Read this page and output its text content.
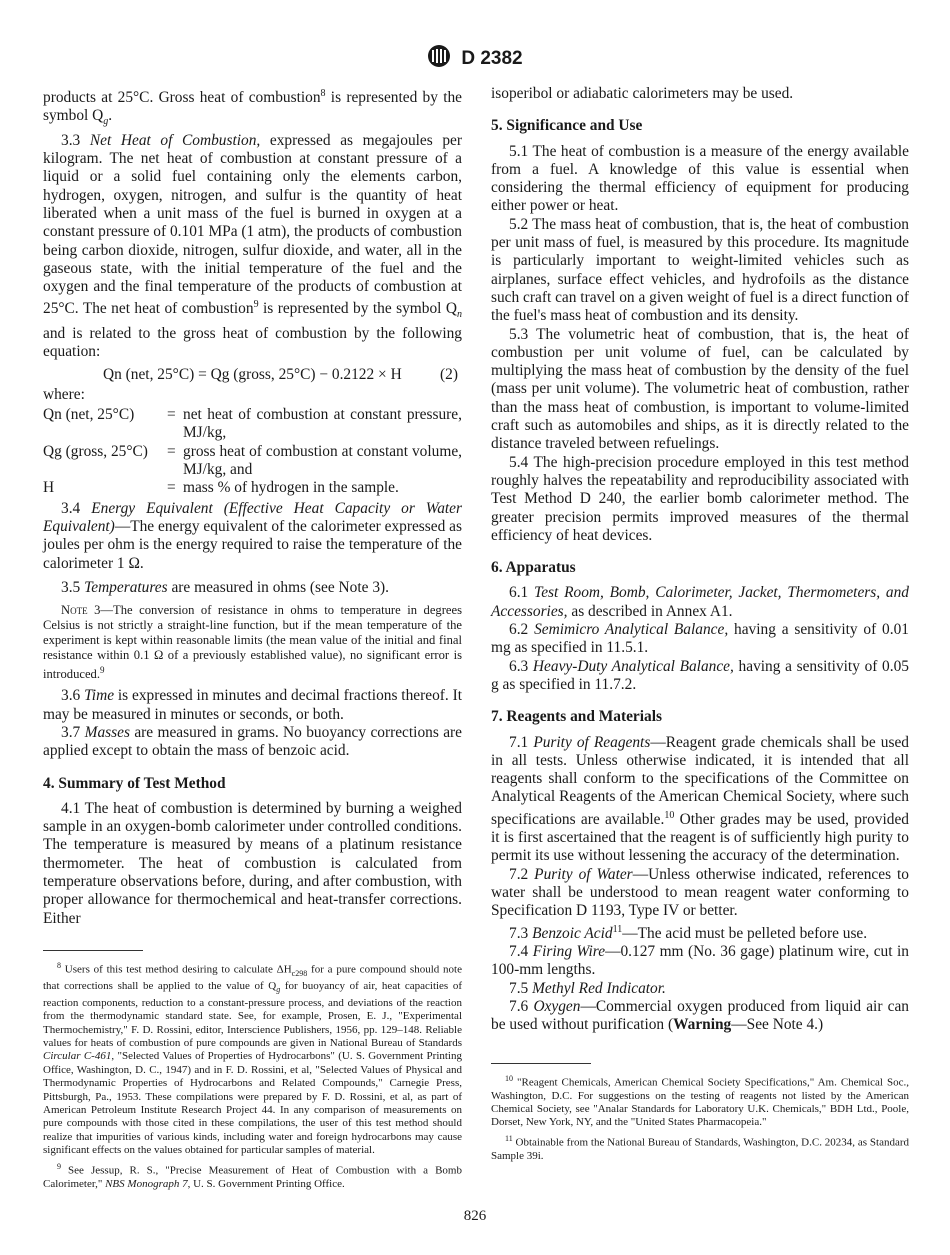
D 2382

products at 25°C. Gross heat of combustion$^8$ is represented by the symbol $Q_g$.

3.3 Net Heat of Combustion, expressed as megajoules per kilogram. The net heat of combustion at constant pressure of a liquid or a solid fuel containing only the elements carbon, hydrogen, oxygen, nitrogen, and sulfur is the quantity of heat liberated when a unit mass of the fuel is burned in oxygen at a constant pressure of 0.101 MPa (1 atm), the products of combustion being carbon dioxide, nitrogen, sulfur dioxide, and water, all in the gaseous state, with the initial temperature of the fuel and the oxygen and the final temperature of the products of combustion at 25°C. The net heat of combustion$^9$ is represented by the symbol $Q_n$ and is related to the gross heat of combustion by the following equation:

Qn (net, 25°C) = Qg (gross, 25°C) − 0.2122 × H (2)

where:

Qn (net, 25°C)	= net heat of combustion at constant pressure, MJ/kg,
Qg (gross, 25°C)	= gross heat of combustion at constant volume, MJ/kg, and
H	= mass % of hydrogen in the sample.

3.4 Energy Equivalent (Effective Heat Capacity or Water Equivalent)—The energy equivalent of the calorimeter expressed as joules per ohm is the energy required to raise the temperature of the calorimeter 1 Ω.

3.5 Temperatures are measured in ohms (see Note 3).

Note 3—The conversion of resistance in ohms to temperature in degrees Celsius is not strictly a straight-line function, but if the mean temperature of the experiment is kept within reasonable limits (the mean value of the initial and final resistance within 0.1 Ω of a previously established value), no significant error is introduced.$^9$

3.6 Time is expressed in minutes and decimal fractions thereof. It may be measured in minutes or seconds, or both.

3.7 Masses are measured in grams. No buoyancy corrections are applied except to obtain the mass of benzoic acid.

4. Summary of Test Method

4.1 The heat of combustion is determined by burning a weighed sample in an oxygen-bomb calorimeter under controlled conditions. The temperature is measured by means of a platinum resistance thermometer. The heat of combustion is calculated from temperature observations before, during, and after combustion, with proper allowance for thermochemical and heat-transfer corrections. Either

$^8$ Users of this test method desiring to calculate $\Delta H_{c298}$ for a pure compound should note that corrections shall be applied to the value of $Q_g$ for buoyancy of air, heat capacities of reaction components, reduction to a constant-pressure process, and deviations of the reaction from the thermodynamic standard state. See, for example, Prosen, E. J., "Experimental Thermochemistry," F. D. Rossini, editor, Interscience Publishers, 1956, pp. 129–148. Reliable values for heats of combustion of pure compounds are given in National Bureau of Standards Circular C-461, "Selected Values of Properties of Hydrocarbons" (U. S. Government Printing Office, Washington, D. C., 1947) and in F. D. Rossini, et al, "Selected Values of Physical and Thermodynamic Properties of Hydrocarbons and Related Compounds," Carnegie Press, Pittsburgh, Pa., 1953. These compilations were prepared by F. D. Rossini, et al, as part of American Petroleum Institute Research Project 44. In any comparison of measurements on pure compounds with those cited in these compilations, the user of this test method should realize that impurities of various kinds, including water and foreign hydrocarbons may cause significant effects on the values obtained for particular samples of material.

$^9$ See Jessup, R. S., "Precise Measurement of Heat of Combustion with a Bomb Calorimeter," NBS Monograph 7, U. S. Government Printing Office.

isoperibol or adiabatic calorimeters may be used.

5. Significance and Use

5.1 The heat of combustion is a measure of the energy available from a fuel. A knowledge of this value is essential when considering the thermal efficiency of equipment for producing either power or heat.

5.2 The mass heat of combustion, that is, the heat of combustion per unit mass of fuel, is measured by this procedure. Its magnitude is particularly important to weight-limited vehicles such as airplanes, surface effect vehicles, and hydrofoils as the distance such craft can travel on a given weight of fuel is a direct function of the fuel's mass heat of combustion and its density.

5.3 The volumetric heat of combustion, that is, the heat of combustion per unit volume of fuel, can be calculated by multiplying the mass heat of combustion by the density of the fuel (mass per unit volume). The volumetric heat of combustion, rather than the mass heat of combustion, is important to volume-limited craft such as automobiles and ships, as it is directly related to the distance traveled between refuelings.

5.4 The high-precision procedure employed in this test method roughly halves the repeatability and reproducibility associated with Test Method D 240, the earlier bomb calorimeter method. The greater precision permits improved measures of the thermal efficiency of heat devices.

6. Apparatus

6.1 Test Room, Bomb, Calorimeter, Jacket, Thermometers, and Accessories, as described in Annex A1.

6.2 Semimicro Analytical Balance, having a sensitivity of 0.01 mg as specified in 11.5.1.

6.3 Heavy-Duty Analytical Balance, having a sensitivity of 0.05 g as specified in 11.7.2.

7. Reagents and Materials

7.1 Purity of Reagents—Reagent grade chemicals shall be used in all tests. Unless otherwise indicated, it is intended that all reagents shall conform to the specifications of the Committee on Analytical Reagents of the American Chemical Society, where such specifications are available.$^{10}$ Other grades may be used, provided it is first ascertained that the reagent is of sufficiently high purity to permit its use without lessening the accuracy of the determination.

7.2 Purity of Water—Unless otherwise indicated, references to water shall be understood to mean reagent water conforming to Specification D 1193, Type IV or better.

7.3 Benzoic Acid$^{11}$—The acid must be pelleted before use.

7.4 Firing Wire—0.127 mm (No. 36 gage) platinum wire, cut in 100-mm lengths.

7.5 Methyl Red Indicator.

7.6 Oxygen—Commercial oxygen produced from liquid air can be used without purification (Warning—See Note 4.)

$^{10}$ "Reagent Chemicals, American Chemical Society Specifications," Am. Chemical Soc., Washington, D.C. For suggestions on the testing of reagents not listed by the American Chemical Society, see "Analar Standards for Laboratory U.K. Chemicals," BDH Ltd., Poole, Dorset, New York, NY, and the "United States Pharmacopeia."

$^{11}$ Obtainable from the National Bureau of Standards, Washington, D.C. 20234, as Standard Sample 39i.

826
